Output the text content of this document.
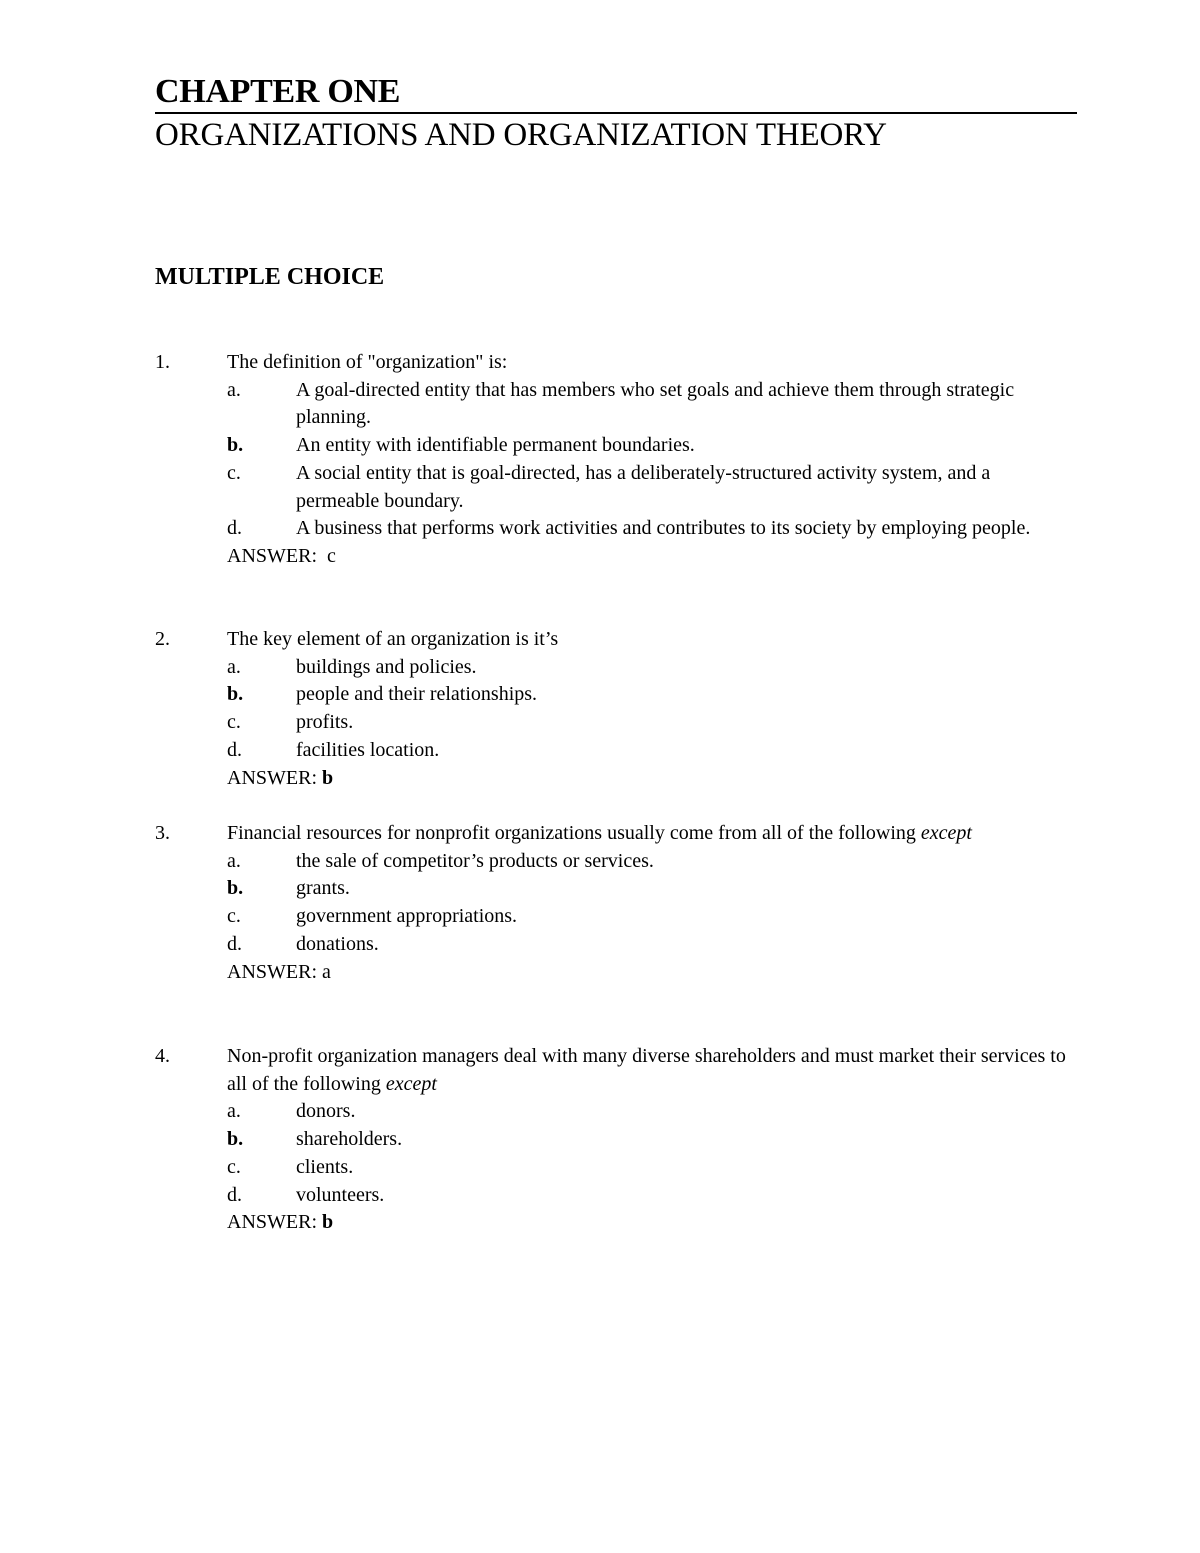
CHAPTER ONE
ORGANIZATIONS AND ORGANIZATION THEORY
MULTIPLE CHOICE
1.	The definition of "organization" is:
a.	A goal-directed entity that has members who set goals and achieve them through strategic planning.
b.	An entity with identifiable permanent boundaries.
c.	A social entity that is goal-directed, has a deliberately-structured activity system, and a permeable boundary.
d.	A business that performs work activities and contributes to its society by employing people.
ANSWER: c
2.	The key element of an organization is it’s
a.	buildings and policies.
b.	people and their relationships.
c.	profits.
d.	facilities location.
ANSWER: b
3.	Financial resources for nonprofit organizations usually come from all of the following except
a.	the sale of competitor’s products or services.
b.	grants.
c.	government appropriations.
d.	donations.
ANSWER: a
4.	Non-profit organization managers deal with many diverse shareholders and must market their services to all of the following except
a.	donors.
b.	shareholders.
c.	clients.
d.	volunteers.
ANSWER: b
